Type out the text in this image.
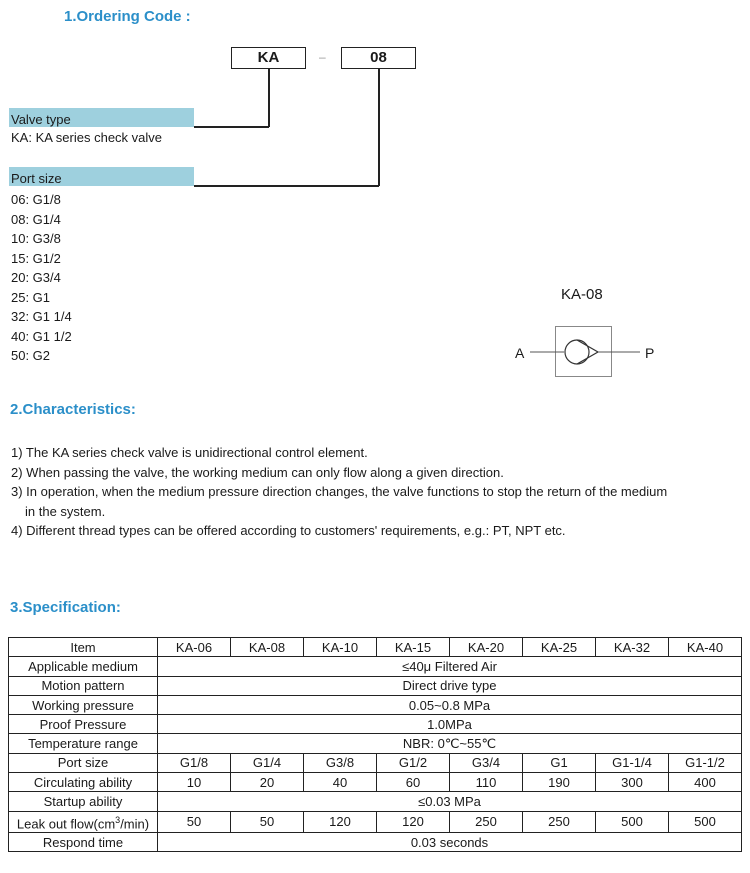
1.Ordering Code :
KA	–	08
Valve type
KA: KA series check valve
Port size
06: G1/8
08: G1/4
10: G3/8
15: G1/2
20: G3/4
25: G1
32: G1 1/4
40: G1 1/2
50: G2
KA-08
A	P
2.Characteristics:
1) The KA series check valve is unidirectional control element.
2) When passing the valve, the working medium can only flow along a given direction.
3) In operation, when the medium pressure direction changes, the valve functions to stop the return of the medium
in the system.
4) Different thread types can be offered according to customers' requirements, e.g.: PT, NPT etc.
3.Specification:
Item	KA-06	KA-08	KA-10	KA-15	KA-20	KA-25	KA-32	KA-40
Applicable medium	≤40μ Filtered Air							
Motion pattern	Direct drive type							
Working pressure	0.05~0.8 MPa							
Proof Pressure	1.0MPa							
Temperature range	NBR: 0℃~55℃							
Port size	G1/8	G1/4	G3/8	G1/2	G3/4	G1	G1-1/4	G1-1/2
Circulating ability	10	20	40	60	110	190	300	400
Startup ability	≤0.03 MPa							
Leak out $flow(cm^3/\min)$	50	50	120	120	250	250	500	500
Respond time	0.03 seconds							
